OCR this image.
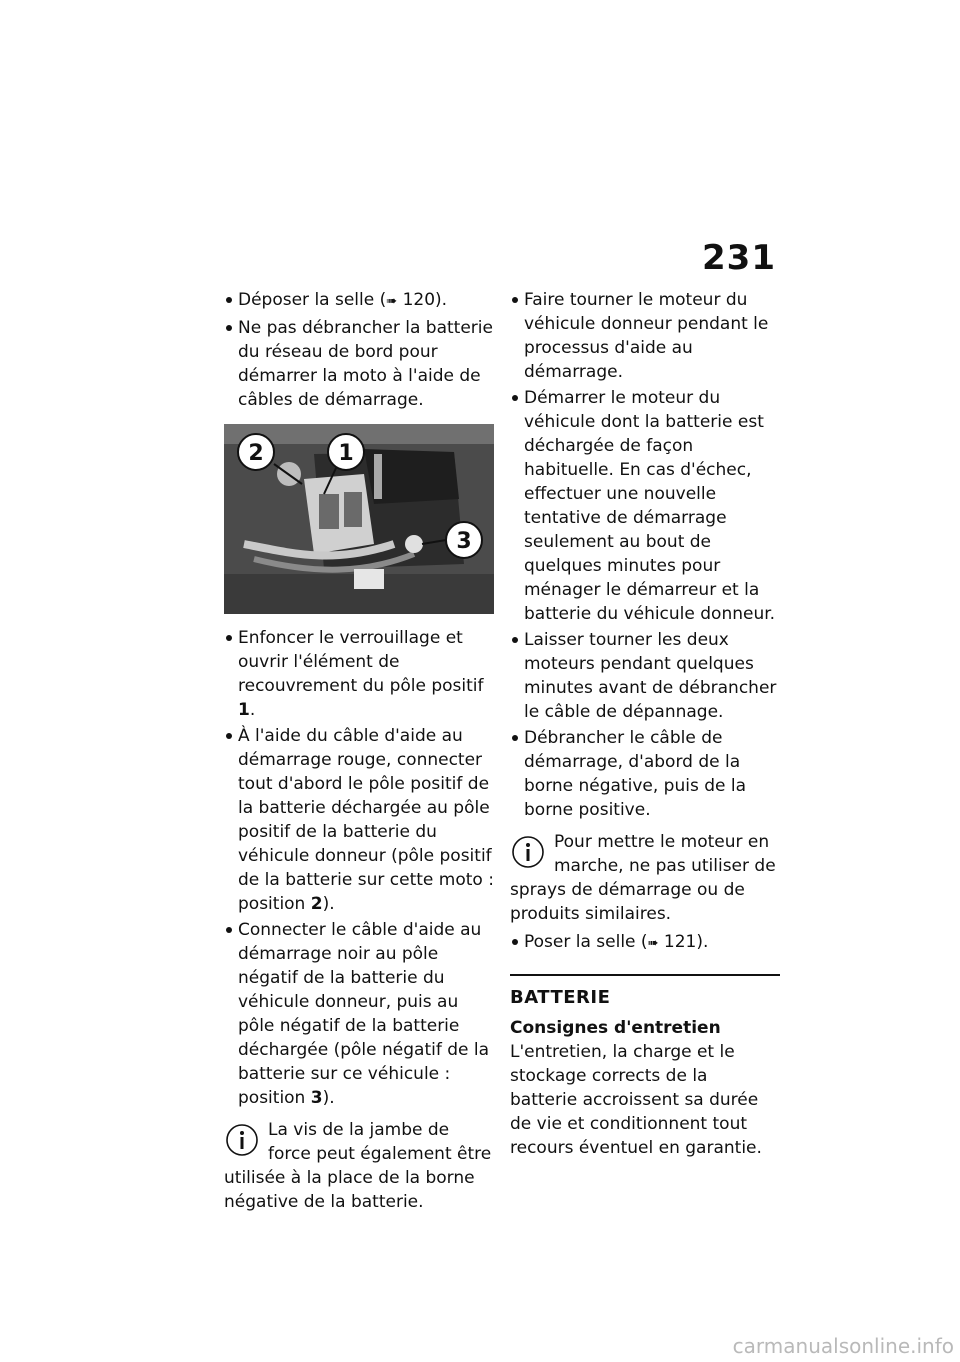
231

Déposer la selle (➠ 120).

Ne pas débrancher la batterie du réseau de bord pour démarrer la moto à l'aide de câbles de démarrage.

1
2
3

Enfoncer le verrouillage et ouvrir l'élément de recouvrement du pôle positif 1.

À l'aide du câble d'aide au démarrage rouge, connecter tout d'abord le pôle positif de la batterie déchargée au pôle positif de la batterie du véhicule donneur (pôle positif de la batterie sur cette moto : position 2).

Connecter le câble d'aide au démarrage noir au pôle négatif de la batterie du véhicule donneur, puis au pôle négatif de la batterie déchargée (pôle négatif de la batterie sur ce véhicule : position 3).

La vis de la jambe de force peut également être utilisée à la place de la borne négative de la batterie.

Faire tourner le moteur du véhicule donneur pendant le processus d'aide au démarrage.

Démarrer le moteur du véhicule dont la batterie est déchargée de façon habituelle. En cas d'échec, effectuer une nouvelle tentative de démarrage seulement au bout de quelques minutes pour ménager le démarreur et la batterie du véhicule donneur.

Laisser tourner les deux moteurs pendant quelques minutes avant de débrancher le câble de dépannage.

Débrancher le câble de démarrage, d'abord de la borne négative, puis de la borne positive.

Pour mettre le moteur en marche, ne pas utiliser de sprays de démarrage ou de produits similaires.

Poser la selle (➠ 121).

BATTERIE
Consignes d'entretien

L'entretien, la charge et le stockage corrects de la batterie accroissent sa durée de vie et conditionnent tout recours éventuel en garantie.

carmanualsonline.info
